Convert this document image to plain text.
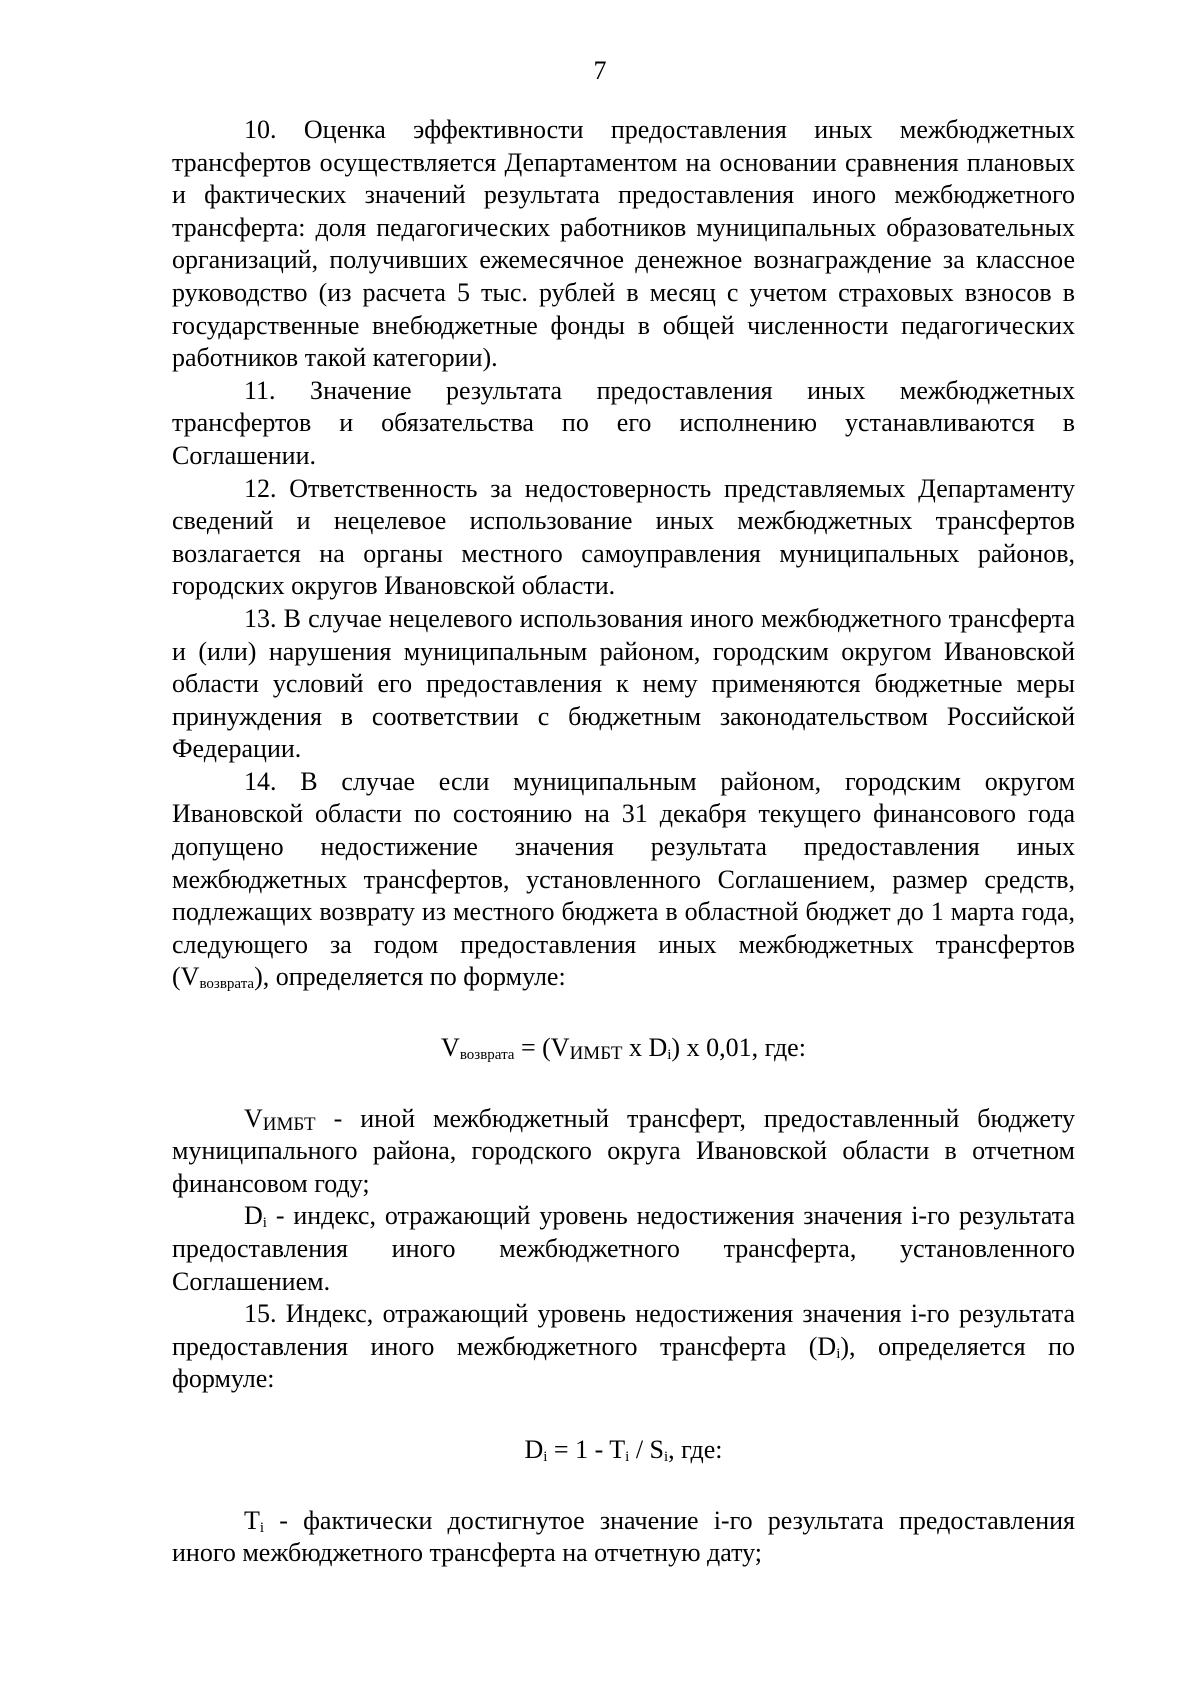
7

10. Оценка эффективности предоставления иных межбюджетных трансфертов осуществляется Департаментом на основании сравнения плановых и фактических значений результата предоставления иного межбюджетного трансферта: доля педагогических работников муниципальных образовательных организаций, получивших ежемесячное денежное вознаграждение за классное руководство (из расчета 5 тыс. рублей в месяц с учетом страховых взносов в государственные внебюджетные фонды в общей численности педагогических работников такой категории).

11. Значение результата предоставления иных межбюджетных трансфертов и обязательства по его исполнению устанавливаются в Соглашении.

12. Ответственность за недостоверность представляемых Департаменту сведений и нецелевое использование иных межбюджетных трансфертов возлагается на органы местного самоуправления муниципальных районов, городских округов Ивановской области.

13. В случае нецелевого использования иного межбюджетного трансферта и (или) нарушения муниципальным районом, городским округом Ивановской области условий его предоставления к нему применяются бюджетные меры принуждения в соответствии с бюджетным законодательством Российской Федерации.

14. В случае если муниципальным районом, городским округом Ивановской области по состоянию на 31 декабря текущего финансового года допущено недостижение значения результата предоставления иных межбюджетных трансфертов, установленного Соглашением, размер средств, подлежащих возврату из местного бюджета в областной бюджет до 1 марта года, следующего за годом предоставления иных межбюджетных трансфертов $(V_{возврата})$, определяется по формуле:

$V_{возврата} = (V_{ИМБТ}$ x $D_i$) x 0,01, где:

$V_{ИМБТ}$ - иной межбюджетный трансферт, предоставленный бюджету муниципального района, городского округа Ивановской области в отчетном финансовом году;

$D_i$ - индекс, отражающий уровень недостижения значения i-го результата предоставления иного межбюджетного трансферта, установленного Соглашением.

15. Индекс, отражающий уровень недостижения значения i-го результата предоставления иного межбюджетного трансферта $(D_i)$, определяется по формуле:

$D_i = 1 - T_i / S_i$, где:

$T_i$ - фактически достигнутое значение i-го результата предоставления иного межбюджетного трансферта на отчетную дату;
